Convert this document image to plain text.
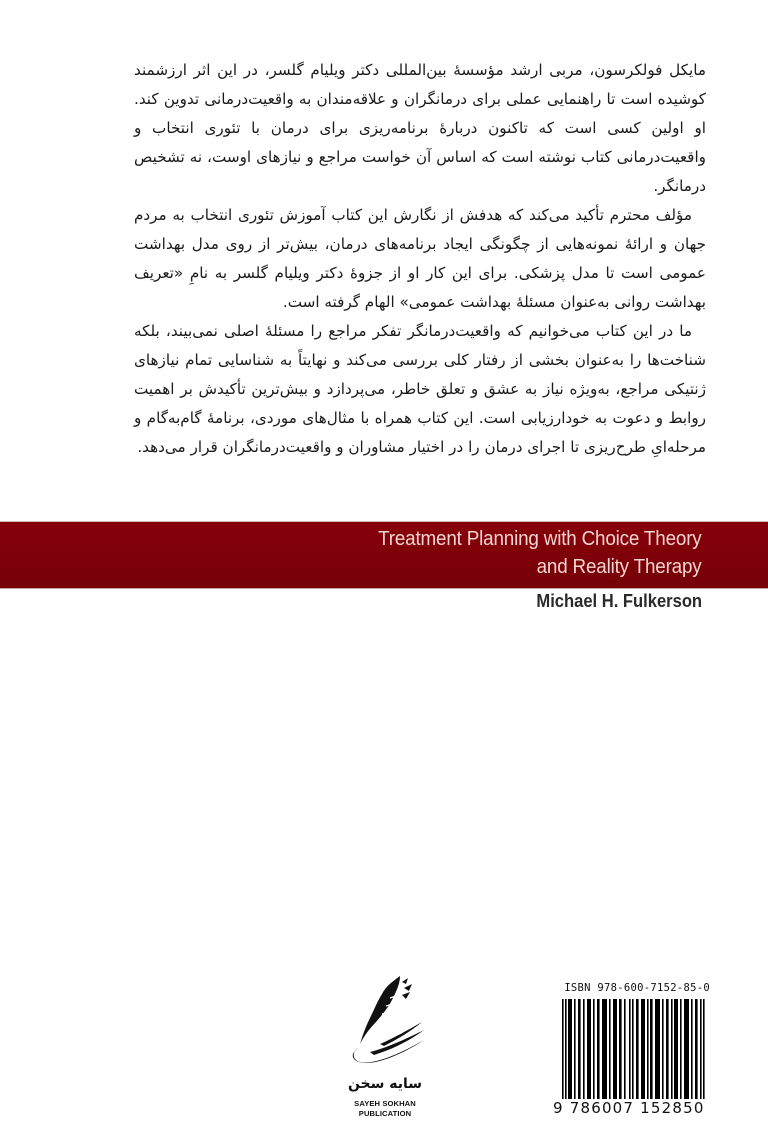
مایکل فولکرسون، مربی ارشد مؤسسهٔ بین‌المللی دکتر ویلیام گلسر، در این اثر ارزشمند کوشیده است تا راهنمایی عملی برای درمانگران و علاقه‌مندان به واقعیت‌درمانی تدوین کند. او اولین کسی است که تاکنون دربارهٔ برنامه‌ریزی برای درمان با تئوری انتخاب و واقعیت‌درمانی کتاب نوشته است که اساس آن خواست مراجع و نیازهای اوست، نه تشخیص درمانگر.

مؤلف محترم تأکید می‌کند که هدفش از نگارش این کتاب آموزش تئوری انتخاب به مردم جهان و ارائهٔ نمونه‌هایی از چگونگی ایجاد برنامه‌های درمان، بیش‌تر از روی مدل بهداشت عمومی است تا مدل پزشکی. برای این کار او از جزوهٔ دکتر ویلیام گلسر به نامِ «تعریف بهداشت روانی به‌عنوان مسئلهٔ بهداشت عمومی» الهام گرفته است.

ما در این کتاب می‌خوانیم که واقعیت‌درمانگر تفکر مراجع را مسئلهٔ اصلی نمی‌بیند، بلکه شناخت‌ها را به‌عنوان بخشی از رفتار کلی بررسی می‌کند و نهایتاً به شناسایی تمام نیازهای ژنتیکی مراجع، به‌ویژه نیاز به عشق و تعلق خاطر، می‌پردازد و بیش‌ترین تأکیدش بر اهمیت روابط و دعوت به خودارزیابی است. این کتاب همراه با مثال‌های موردی، برنامهٔ گام‌به‌گام و مرحله‌ایِ طرح‌ریزی تا اجرای درمان را در اختیار مشاوران و واقعیت‌درمانگران قرار می‌دهد.

Treatment Planning with Choice Theory
and Reality Therapy
Michael H. Fulkerson
سایه سخن
SAYEH SOKHAN
PUBLICATION
ISBN 978-600-7152-85-0
9 786007 152850
